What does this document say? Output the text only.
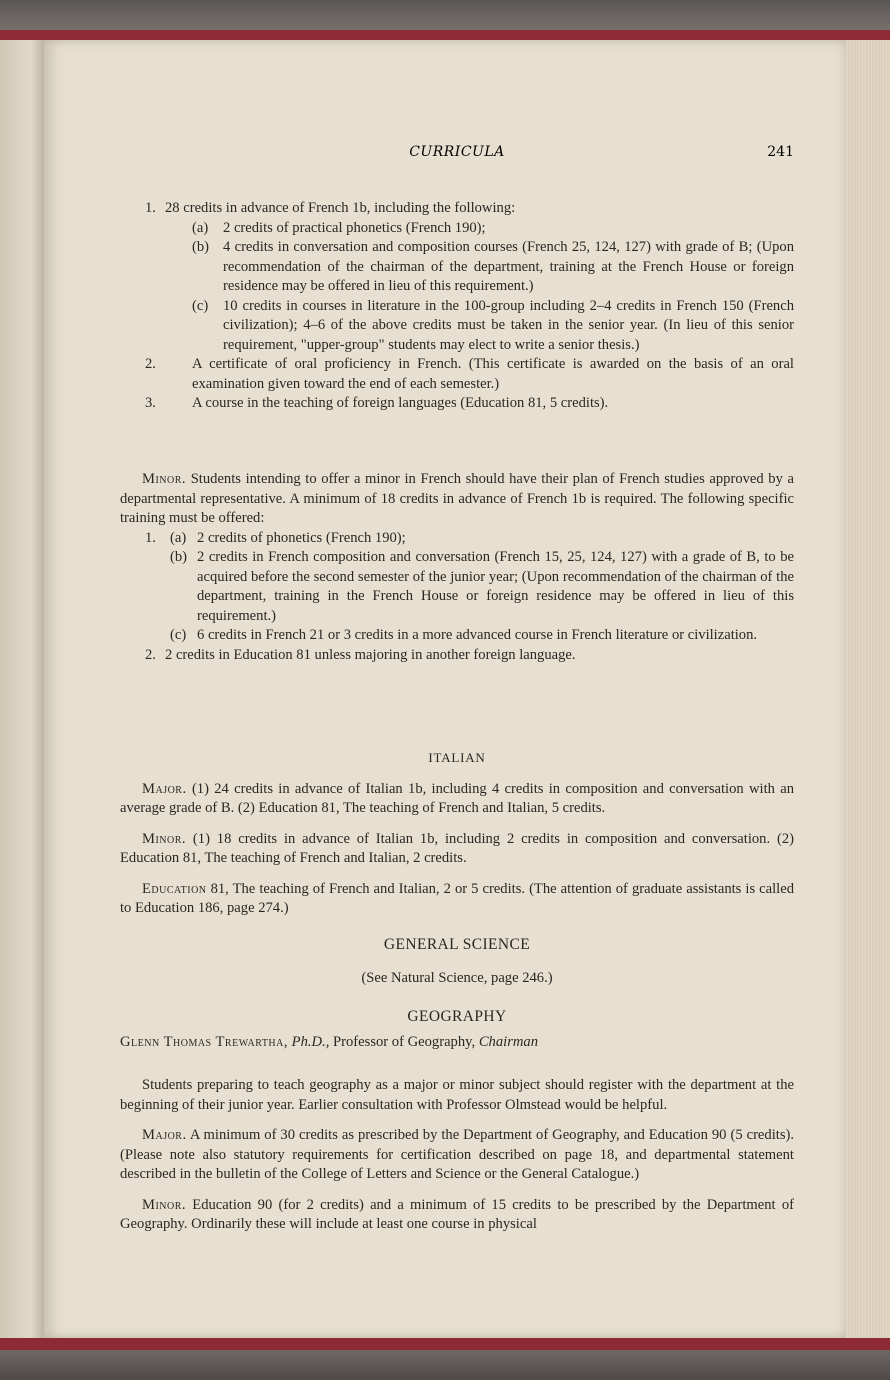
CURRICULA	241
1. 28 credits in advance of French 1b, including the following:
(a) 2 credits of practical phonetics (French 190);
(b) 4 credits in conversation and composition courses (French 25, 124, 127) with grade of B; (Upon recommendation of the chairman of the department, training at the French House or foreign residence may be offered in lieu of this requirement.)
(c) 10 credits in courses in literature in the 100-group including 2–4 credits in French 150 (French civilization); 4–6 of the above credits must be taken in the senior year. (In lieu of this senior requirement, "upper-group" students may elect to write a senior thesis.)
2. A certificate of oral proficiency in French. (This certificate is awarded on the basis of an oral examination given toward the end of each semester.)
3. A course in the teaching of foreign languages (Education 81, 5 credits).

Minor. Students intending to offer a minor in French should have their plan of French studies approved by a departmental representative. A minimum of 18 credits in advance of French 1b is required. The following specific training must be offered:

1. (a) 2 credits of phonetics (French 190);
(b) 2 credits in French composition and conversation (French 15, 25, 124, 127) with a grade of B, to be acquired before the second semester of the junior year; (Upon recommendation of the chairman of the department, training in the French House or foreign residence may be offered in lieu of this requirement.)
(c) 6 credits in French 21 or 3 credits in a more advanced course in French literature or civilization.
2. 2 credits in Education 81 unless majoring in another foreign language.
ITALIAN

Major. (1) 24 credits in advance of Italian 1b, including 4 credits in composition and conversation with an average grade of B. (2) Education 81, The teaching of French and Italian, 5 credits.

Minor. (1) 18 credits in advance of Italian 1b, including 2 credits in composition and conversation. (2) Education 81, The teaching of French and Italian, 2 credits.

Education 81, The teaching of French and Italian, 2 or 5 credits. (The attention of graduate assistants is called to Education 186, page 274.)

GENERAL SCIENCE
(See Natural Science, page 246.)
GEOGRAPHY
Glenn Thomas Trewartha, Ph.D., Professor of Geography, Chairman

Students preparing to teach geography as a major or minor subject should register with the department at the beginning of their junior year. Earlier consultation with Professor Olmstead would be helpful.

Major. A minimum of 30 credits as prescribed by the Department of Geography, and Education 90 (5 credits). (Please note also statutory requirements for certification described on page 18, and departmental statement described in the bulletin of the College of Letters and Science or the General Catalogue.)

Minor. Education 90 (for 2 credits) and a minimum of 15 credits to be prescribed by the Department of Geography. Ordinarily these will include at least one course in physical
